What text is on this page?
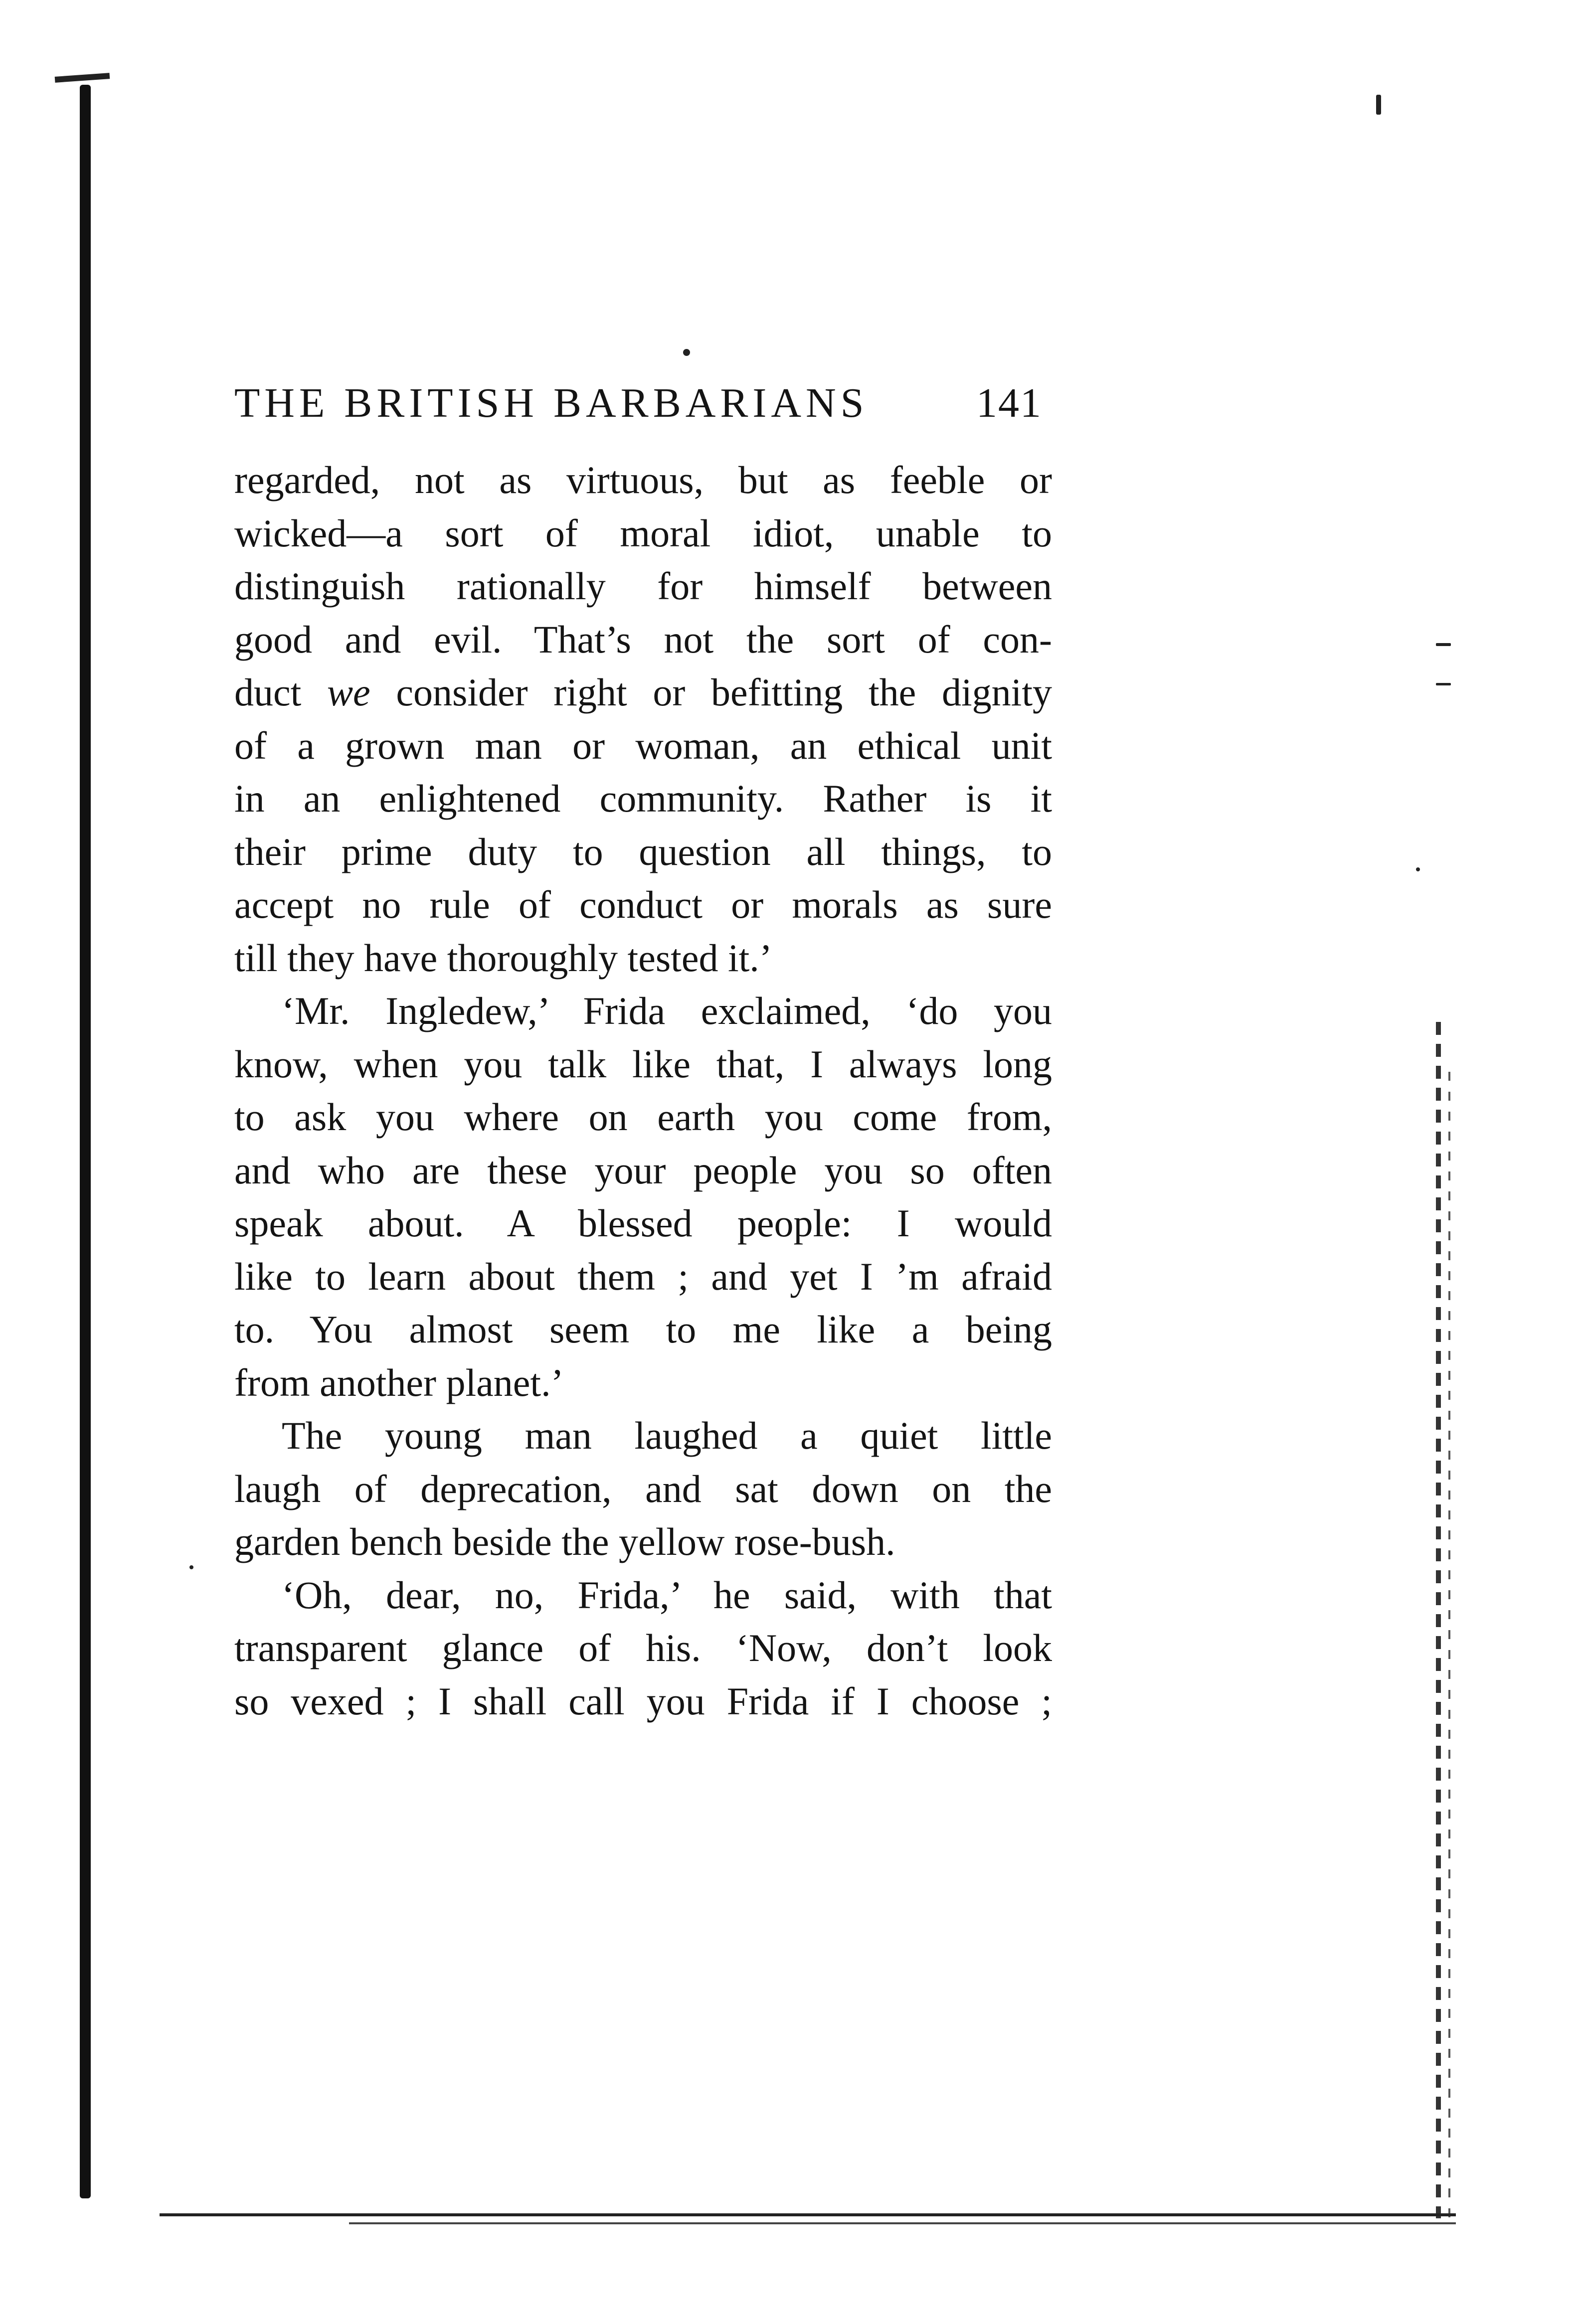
THE BRITISH BARBARIANS	141
regarded, not as virtuous, but as feeble or
wicked—a sort of moral idiot, unable to
distinguish rationally for himself between
good and evil. That’s not the sort of con-
duct we consider right or befitting the dignity
of a grown man or woman, an ethical unit
in an enlightened community. Rather is it
their prime duty to question all things, to
accept no rule of conduct or morals as sure
till they have thoroughly tested it.’
‘Mr. Ingledew,’ Frida exclaimed, ‘do you
know, when you talk like that, I always long
to ask you where on earth you come from,
and who are these your people you so often
speak about. A blessed people: I would
like to learn about them ; and yet I ’m afraid
to. You almost seem to me like a being
from another planet.’
The young man laughed a quiet little
laugh of deprecation, and sat down on the
garden bench beside the yellow rose-bush.
‘Oh, dear, no, Frida,’ he said, with that
transparent glance of his. ‘Now, don’t look
so vexed ; I shall call you Frida if I choose ;
